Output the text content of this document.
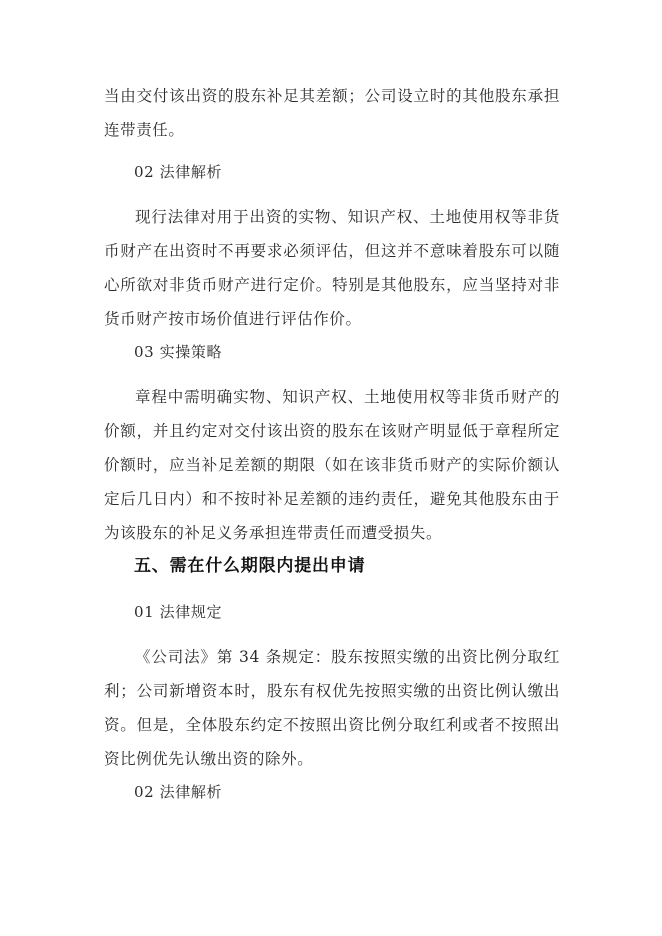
当由交付该出资的股东补足其差额；公司设立时的其他股东承担连带责任。

02 法律解析

现行法律对用于出资的实物、知识产权、土地使用权等非货币财产在出资时不再要求必须评估，但这并不意味着股东可以随心所欲对非货币财产进行定价。特别是其他股东，应当坚持对非货币财产按市场价值进行评估作价。

03 实操策略

章程中需明确实物、知识产权、土地使用权等非货币财产的价额，并且约定对交付该出资的股东在该财产明显低于章程所定价额时，应当补足差额的期限（如在该非货币财产的实际价额认定后几日内）和不按时补足差额的违约责任，避免其他股东由于为该股东的补足义务承担连带责任而遭受损失。

五、需在什么期限内提出申请

01 法律规定

《公司法》第 34 条规定：股东按照实缴的出资比例分取红利；公司新增资本时，股东有权优先按照实缴的出资比例认缴出资。但是，全体股东约定不按照出资比例分取红利或者不按照出资比例优先认缴出资的除外。

02 法律解析
